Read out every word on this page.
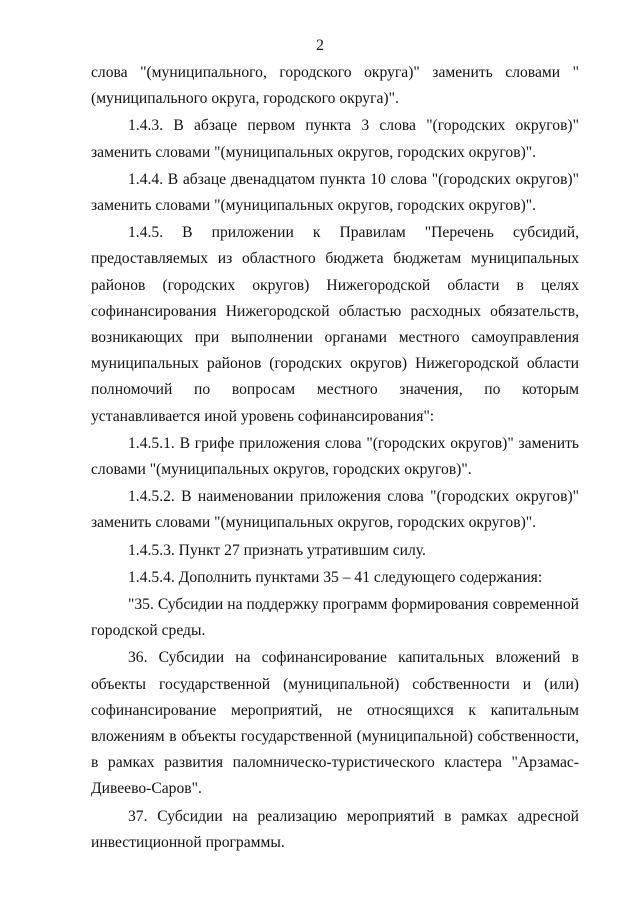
2

слова "(муниципального, городского округа)" заменить словами "(муниципального округа, городского округа)".

1.4.3. В абзаце первом пункта 3 слова "(городских округов)" заменить словами "(муниципальных округов, городских округов)".

1.4.4. В абзаце двенадцатом пункта 10 слова "(городских округов)" заменить словами "(муниципальных округов, городских округов)".

1.4.5. В приложении к Правилам "Перечень субсидий, предоставляемых из областного бюджета бюджетам муниципальных районов (городских округов) Нижегородской области в целях софинансирования Нижегородской областью расходных обязательств, возникающих при выполнении органами местного самоуправления муниципальных районов (городских округов) Нижегородской области полномочий по вопросам местного значения, по которым устанавливается иной уровень софинансирования":

1.4.5.1. В грифе приложения слова "(городских округов)" заменить словами "(муниципальных округов, городских округов)".

1.4.5.2. В наименовании приложения слова "(городских округов)" заменить словами "(муниципальных округов, городских округов)".

1.4.5.3. Пункт 27 признать утратившим силу.

1.4.5.4. Дополнить пунктами 35 – 41 следующего содержания:

"35. Субсидии на поддержку программ формирования современной городской среды.

36. Субсидии на софинансирование капитальных вложений в объекты государственной (муниципальной) собственности и (или) софинансирование мероприятий, не относящихся к капитальным вложениям в объекты государственной (муниципальной) собственности, в рамках развития паломническо-туристического кластера "Арзамас-Дивеево-Саров".

37. Субсидии на реализацию мероприятий в рамках адресной инвестиционной программы.
